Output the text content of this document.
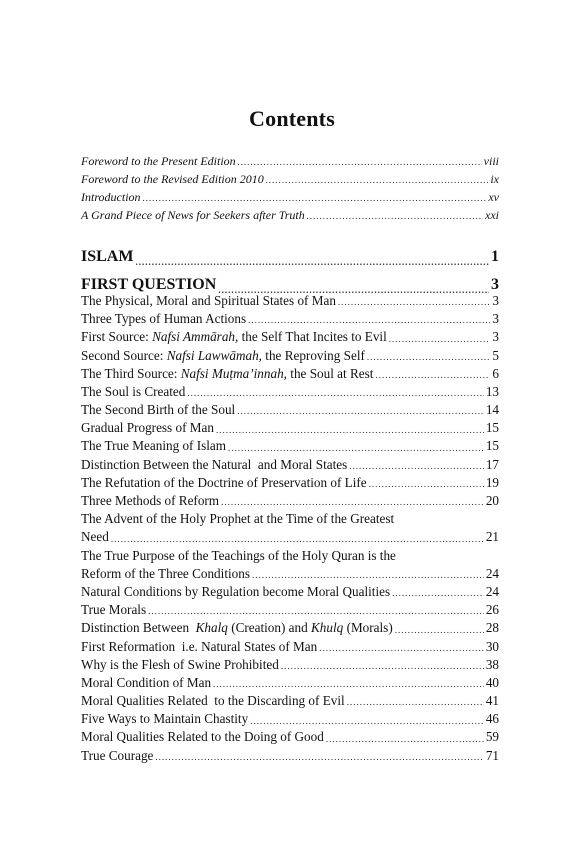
Contents
Foreword to the Present Edition .....	viii
Foreword to the Revised Edition 2010 .....	ix
Introduction .....	xv
A Grand Piece of News for Seekers after Truth .....	xxi
ISLAM .....	1
FIRST QUESTION .....	3
The Physical, Moral and Spiritual States of Man .....	3
Three Types of Human Actions .....	3
First Source: Nafsi Ammārah, the Self That Incites to Evil .....	3
Second Source: Nafsi Lawwāmah, the Reproving Self .....	5
The Third Source: Nafsi Muṭma’innah, the Soul at Rest .....	6
The Soul is Created .....	13
The Second Birth of the Soul .....	14
Gradual Progress of Man .....	15
The True Meaning of Islam .....	15
Distinction Between the Natural  and Moral States .....	17
The Refutation of the Doctrine of Preservation of Life .....	19
Three Methods of Reform .....	20
The Advent of the Holy Prophet at the Time of the Greatest
Need .....	21
The True Purpose of the Teachings of the Holy Quran is the
Reform of the Three Conditions .....	24
Natural Conditions by Regulation become Moral Qualities .....	24
True Morals .....	26
Distinction Between  Khalq (Creation) and Khulq (Morals) .....	28
First Reformation  i.e. Natural States of Man .....	30
Why is the Flesh of Swine Prohibited .....	38
Moral Condition of Man .....	40
Moral Qualities Related  to the Discarding of Evil .....	41
Five Ways to Maintain Chastity .....	46
Moral Qualities Related to the Doing of Good .....	59
True Courage .....	71
